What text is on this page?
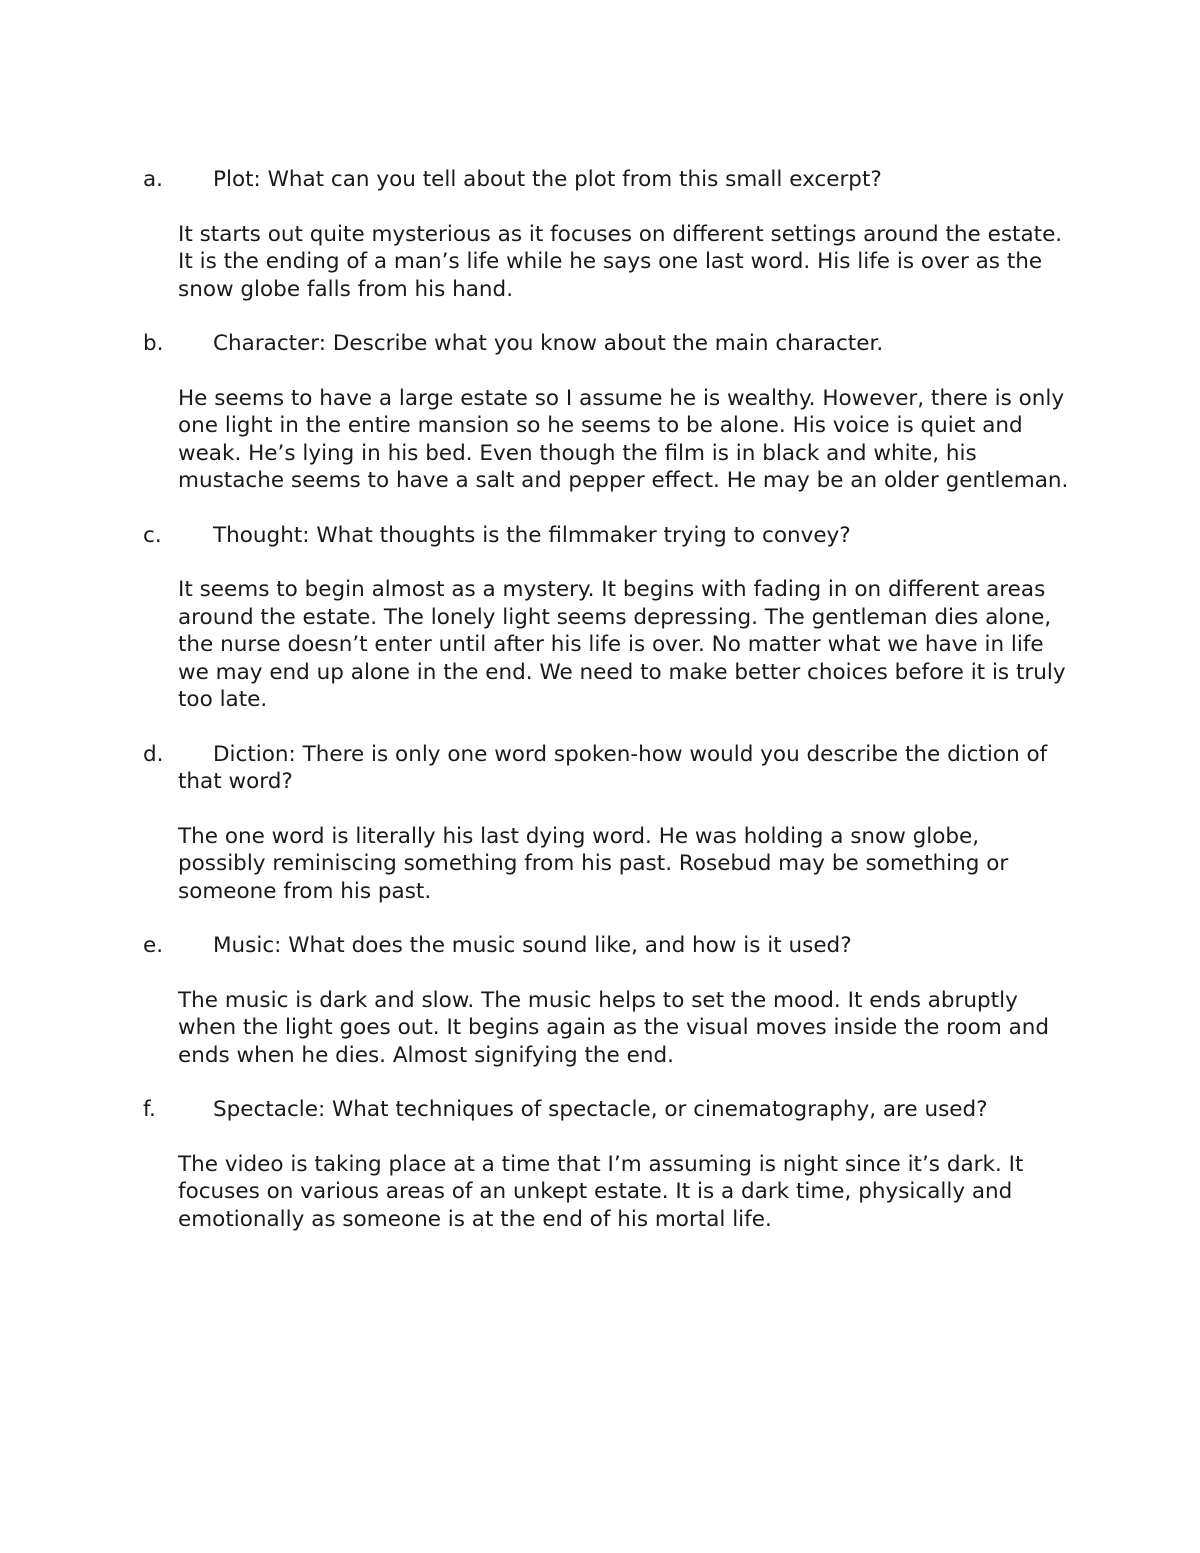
a. Plot: What can you tell about the plot from this small excerpt?

It starts out quite mysterious as it focuses on different settings around the estate. It is the ending of a man’s life while he says one last word. His life is over as the snow globe falls from his hand.

b. Character: Describe what you know about the main character.

He seems to have a large estate so I assume he is wealthy. However, there is only one light in the entire mansion so he seems to be alone. His voice is quiet and weak. He’s lying in his bed. Even though the film is in black and white, his mustache seems to have a salt and pepper effect. He may be an older gentleman.

c. Thought: What thoughts is the filmmaker trying to convey?

It seems to begin almost as a mystery. It begins with fading in on different areas around the estate. The lonely light seems depressing. The gentleman dies alone, the nurse doesn’t enter until after his life is over. No matter what we have in life we may end up alone in the end. We need to make better choices before it is truly too late.

d. Diction: There is only one word spoken-how would you describe the diction of that word?

The one word is literally his last dying word. He was holding a snow globe, possibly reminiscing something from his past. Rosebud may be something or someone from his past.

e. Music: What does the music sound like, and how is it used?

The music is dark and slow. The music helps to set the mood. It ends abruptly when the light goes out. It begins again as the visual moves inside the room and ends when he dies. Almost signifying the end.

f.	Spectacle: What techniques of spectacle, or cinematography, are used?

The video is taking place at a time that I’m assuming is night since it’s dark. It focuses on various areas of an unkept estate. It is a dark time, physically and emotionally as someone is at the end of his mortal life.
